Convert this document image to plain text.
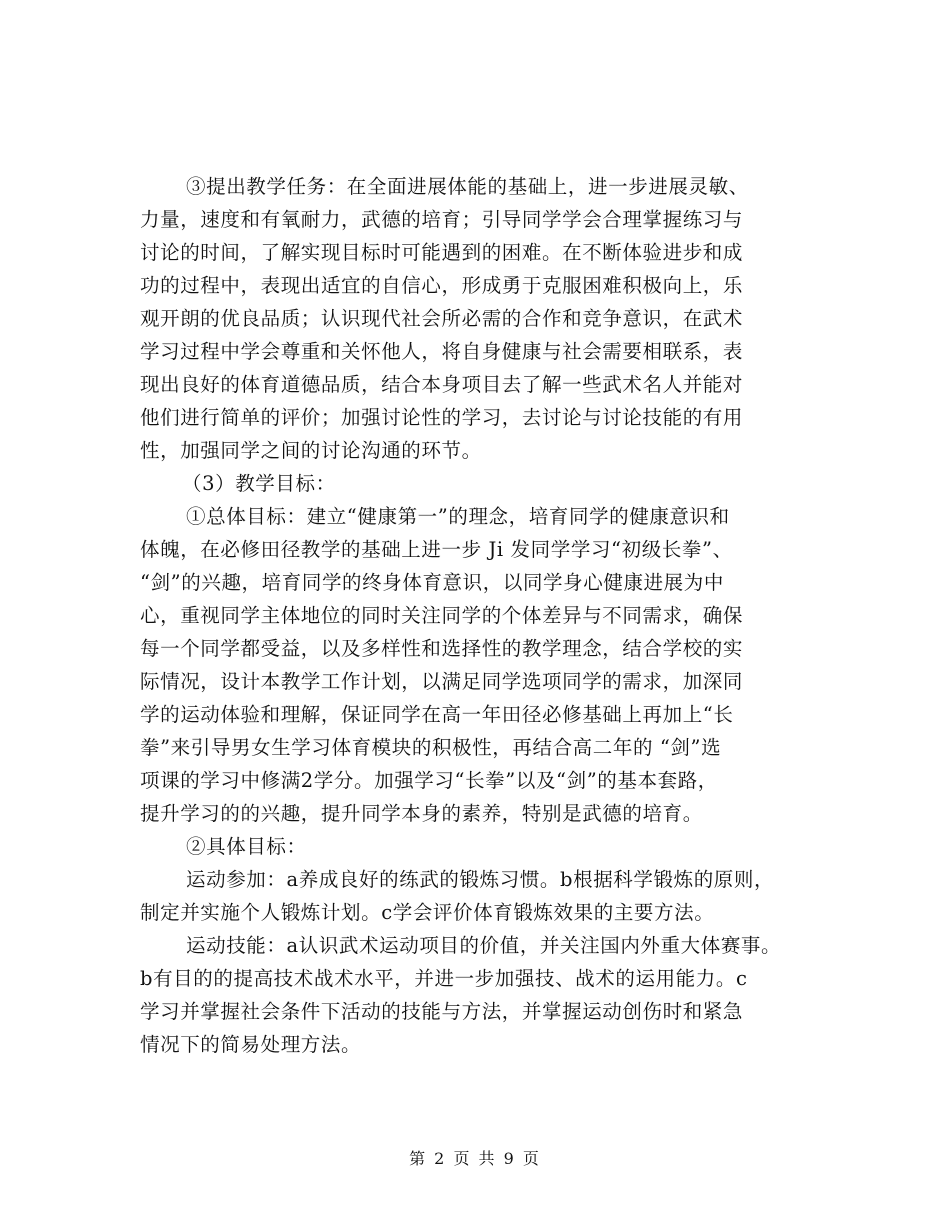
③提出教学任务：在全面进展体能的基础上，进一步进展灵敏、
力量，速度和有氧耐力，武德的培育；引导同学学会合理掌握练习与
讨论的时间，了解实现目标时可能遇到的困难。在不断体验进步和成
功的过程中，表现出适宜的自信心，形成勇于克服困难积极向上，乐
观开朗的优良品质；认识现代社会所必需的合作和竞争意识，在武术
学习过程中学会尊重和关怀他人，将自身健康与社会需要相联系，表
现出良好的体育道德品质，结合本身项目去了解一些武术名人并能对
他们进行简单的评价；加强讨论性的学习，去讨论与讨论技能的有用
性，加强同学之间的讨论沟通的环节。
（3）教学目标：
①总体目标：建立“健康第一”的理念，培育同学的健康意识和
体魄，在必修田径教学的基础上进一步 Ji 发同学学习“初级长拳”、
“剑”的兴趣，培育同学的终身体育意识，以同学身心健康进展为中
心，重视同学主体地位的同时关注同学的个体差异与不同需求，确保
每一个同学都受益，以及多样性和选择性的教学理念，结合学校的实
际情况，设计本教学工作计划，以满足同学选项同学的需求，加深同
学的运动体验和理解，保证同学在高一年田径必修基础上再加上“长
拳”来引导男女生学习体育模块的积极性，再结合高二年的 “剑”选
项课的学习中修满2学分。加强学习“长拳”以及“剑”的基本套路，
提升学习的的兴趣，提升同学本身的素养，特别是武德的培育。
②具体目标：
运动参加：a养成良好的练武的锻炼习惯。b根据科学锻炼的原则，
制定并实施个人锻炼计划。c学会评价体育锻炼效果的主要方法。
运动技能：a认识武术运动项目的价值，并关注国内外重大体赛事。
b有目的的提高技术战术水平，并进一步加强技、战术的运用能力。c
学习并掌握社会条件下活动的技能与方法，并掌握运动创伤时和紧急
情况下的简易处理方法。
第 2 页 共 9 页
